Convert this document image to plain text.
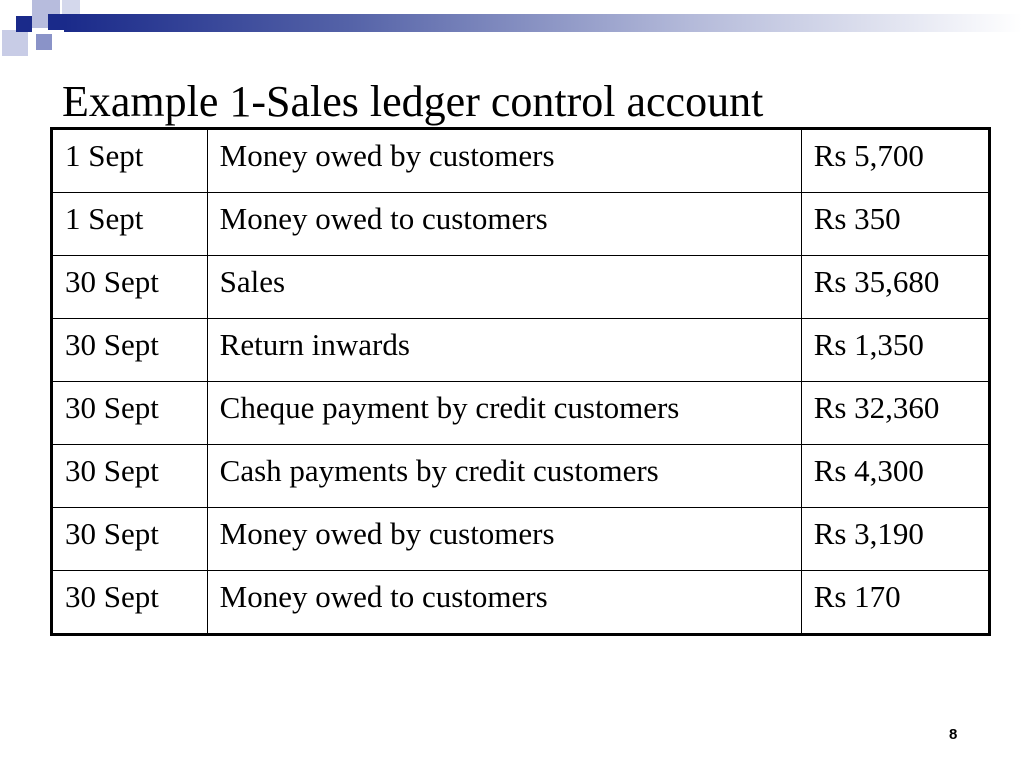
Example 1-Sales ledger control account
1 Sept	Money owed by customers	Rs 5,700
1 Sept	Money owed to customers	Rs 350
30 Sept	Sales	Rs 35,680
30 Sept	Return inwards	Rs 1,350
30 Sept	Cheque payment by credit customers	Rs 32,360
30 Sept	Cash payments by credit customers	Rs 4,300
30 Sept	Money owed by customers	Rs 3,190
30 Sept	Money owed to customers	Rs 170
8
